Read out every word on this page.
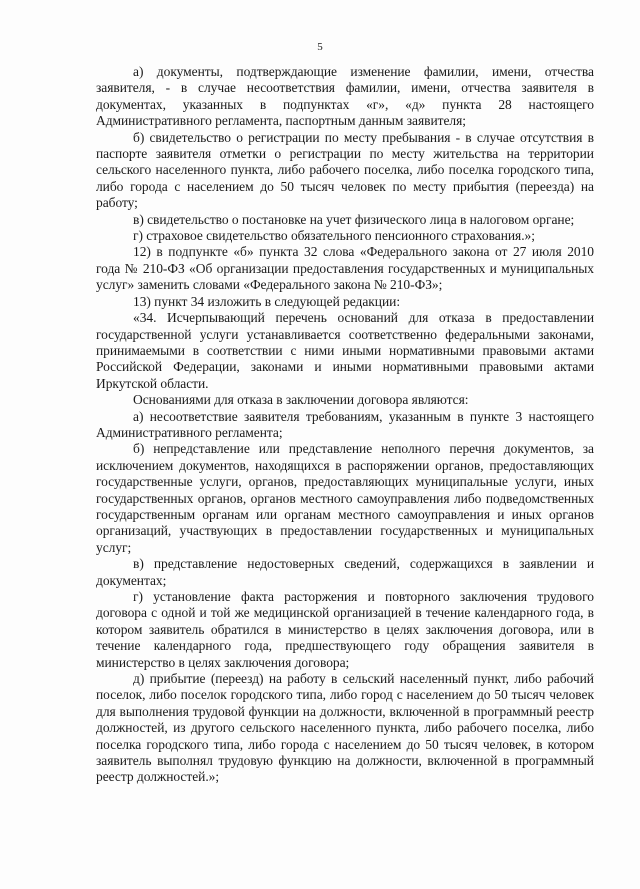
5

а) документы, подтверждающие изменение фамилии, имени, отчества заявителя, - в случае несоответствия фамилии, имени, отчества заявителя в документах, указанных в подпунктах «г», «д» пункта 28 настоящего Административного регламента, паспортным данным заявителя;

б) свидетельство о регистрации по месту пребывания - в случае отсутствия в паспорте заявителя отметки о регистрации по месту жительства на территории сельского населенного пункта, либо рабочего поселка, либо поселка городского типа, либо города с населением до 50 тысяч человек по месту прибытия (переезда) на работу;

в) свидетельство о постановке на учет физического лица в налоговом органе;

г) страховое свидетельство обязательного пенсионного страхования.»;

12) в подпункте «б» пункта 32 слова «Федерального закона от 27 июля 2010 года № 210-ФЗ «Об организации предоставления государственных и муниципальных услуг» заменить словами «Федерального закона № 210-ФЗ»;

13) пункт 34 изложить в следующей редакции:

«34. Исчерпывающий перечень оснований для отказа в предоставлении государственной услуги устанавливается соответственно федеральными законами, принимаемыми в соответствии с ними иными нормативными правовыми актами Российской Федерации, законами и иными нормативными правовыми актами Иркутской области.

Основаниями для отказа в заключении договора являются:

а) несоответствие заявителя требованиям, указанным в пункте 3 настоящего Административного регламента;

б) непредставление или представление неполного перечня документов, за исключением документов, находящихся в распоряжении органов, предоставляющих государственные услуги, органов, предоставляющих муниципальные услуги, иных государственных органов, органов местного самоуправления либо подведомственных государственным органам или органам местного самоуправления и иных органов организаций, участвующих в предоставлении государственных и муниципальных услуг;

в) представление недостоверных сведений, содержащихся в заявлении и документах;

г) установление факта расторжения и повторного заключения трудового договора с одной и той же медицинской организацией в течение календарного года, в котором заявитель обратился в министерство в целях заключения договора, или в течение календарного года, предшествующего году обращения заявителя в министерство в целях заключения договора;

д) прибытие (переезд) на работу в сельский населенный пункт, либо рабочий поселок, либо поселок городского типа, либо город с населением до 50 тысяч человек для выполнения трудовой функции на должности, включенной в программный реестр должностей, из другого сельского населенного пункта, либо рабочего поселка, либо поселка городского типа, либо города с населением до 50 тысяч человек, в котором заявитель выполнял трудовую функцию на должности, включенной в программный реестр должностей.»;
